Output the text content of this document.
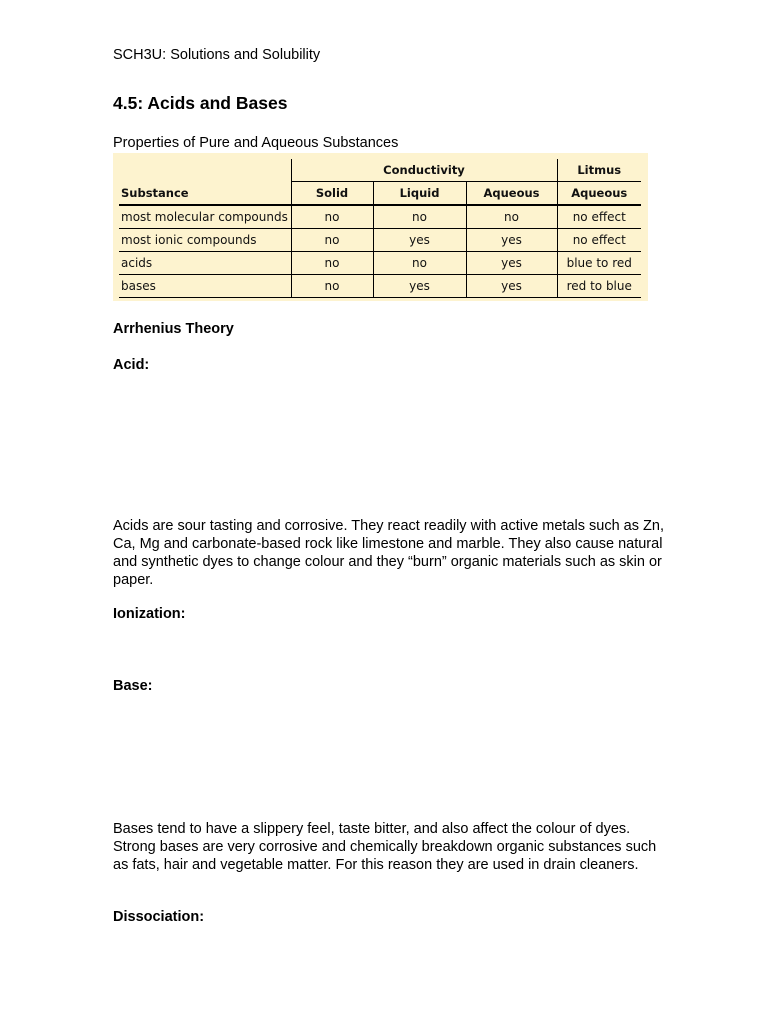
SCH3U: Solutions and Solubility
4.5: Acids and Bases
Properties of Pure and Aqueous Substances
	Conductivity			Litmus
Substance	Solid	Liquid	Aqueous	Aqueous
most molecular compounds	no	no	no	no effect
most ionic compounds	no	yes	yes	no effect
acids	no	no	yes	blue to red
bases	no	yes	yes	red to blue
Arrhenius Theory
Acid:
Acids are sour tasting and corrosive. They react readily with active metals such as Zn, Ca, Mg and carbonate-based rock like limestone and marble. They also cause natural and synthetic dyes to change colour and they “burn” organic materials such as skin or paper.
Ionization:
Base:
Bases tend to have a slippery feel, taste bitter, and also affect the colour of dyes. Strong bases are very corrosive and chemically breakdown organic substances such as fats, hair and vegetable matter. For this reason they are used in drain cleaners.
Dissociation:
